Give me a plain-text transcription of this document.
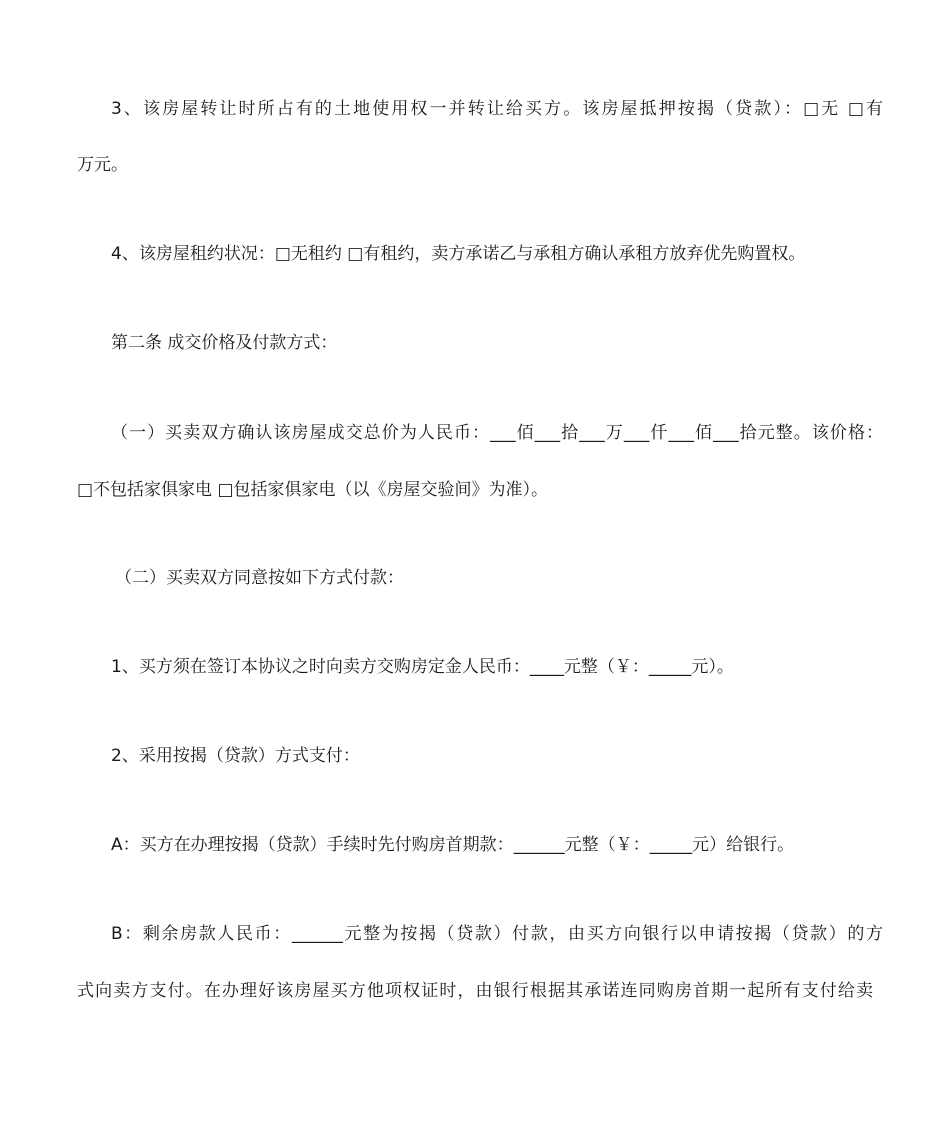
3、该房屋转让时所占有的土地使用权一并转让给买方。该房屋抵押按揭（贷款）：□无 □有

万元。

4、该房屋租约状况：□无租约 □有租约，卖方承诺乙与承租方确认承租方放弃优先购置权。

第二条 成交价格及付款方式：

（一）买卖双方确认该房屋成交总价为人民币：___佰___拾___万___仟___佰___拾元整。该价格：

□不包括家俱家电 □包括家俱家电（以《房屋交验间》为准）。

（二）买卖双方同意按如下方式付款：

1、买方须在签订本协议之时向卖方交购房定金人民币：____元整（￥：_____元）。

2、采用按揭（贷款）方式支付：

A：买方在办理按揭（贷款）手续时先付购房首期款：______元整（￥：_____元）给银行。

B：剩余房款人民币：______元整为按揭（贷款）付款，由买方向银行以申请按揭（贷款）的方

式向卖方支付。在办理好该房屋买方他项权证时，由银行根据其承诺连同购房首期一起所有支付给卖
